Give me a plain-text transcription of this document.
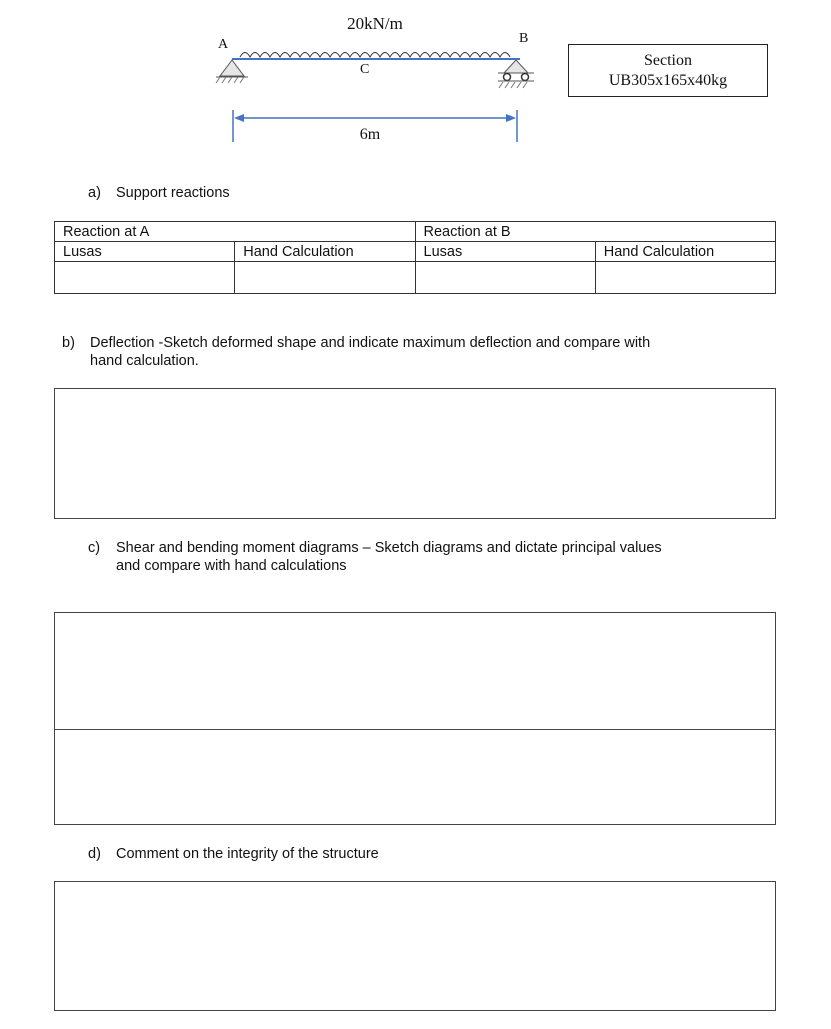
20kN/m
A	B
C
6m
Section
UB305x165x40kg
a) Support reactions
Reaction at A		Reaction at B	
Lusas	Hand Calculation	Lusas	Hand Calculation

b) Deflection -Sketch deformed shape and indicate maximum deflection and compare with
hand calculation.
c) Shear and bending moment diagrams – Sketch diagrams and dictate principal values
and compare with hand calculations
d) Comment on the integrity of the structure
